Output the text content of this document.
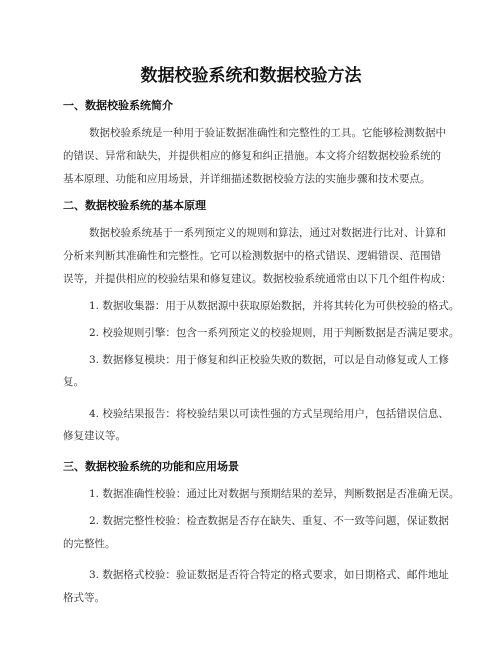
数据校验系统和数据校验方法
一、数据校验系统简介
数据校验系统是一种用于验证数据准确性和完整性的工具。它能够检测数据中
的错误、异常和缺失，并提供相应的修复和纠正措施。本文将介绍数据校验系统的
基本原理、功能和应用场景，并详细描述数据校验方法的实施步骤和技术要点。
二、数据校验系统的基本原理
数据校验系统基于一系列预定义的规则和算法，通过对数据进行比对、计算和
分析来判断其准确性和完整性。它可以检测数据中的格式错误、逻辑错误、范围错
误等，并提供相应的校验结果和修复建议。数据校验系统通常由以下几个组件构成：
1. 数据收集器：用于从数据源中获取原始数据，并将其转化为可供校验的格式。
2. 校验规则引擎：包含一系列预定义的校验规则，用于判断数据是否满足要求。
3. 数据修复模块：用于修复和纠正校验失败的数据，可以是自动修复或人工修
复。
4. 校验结果报告：将校验结果以可读性强的方式呈现给用户，包括错误信息、
修复建议等。
三、数据校验系统的功能和应用场景
1. 数据准确性校验：通过比对数据与预期结果的差异，判断数据是否准确无误。
2. 数据完整性校验：检查数据是否存在缺失、重复、不一致等问题，保证数据
的完整性。
3. 数据格式校验：验证数据是否符合特定的格式要求，如日期格式、邮件地址
格式等。
